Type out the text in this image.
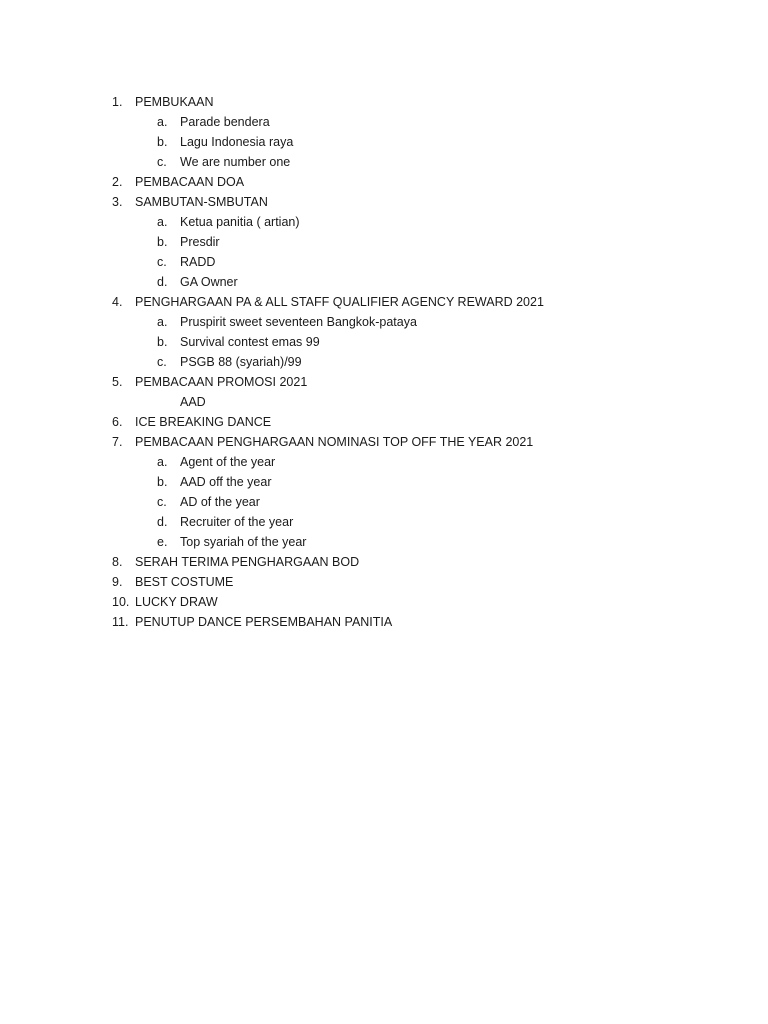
1. PEMBUKAAN
a. Parade bendera
b. Lagu Indonesia raya
c. We are number one
2. PEMBACAAN DOA
3. SAMBUTAN-SMBUTAN
a. Ketua panitia ( artian)
b. Presdir
c. RADD
d. GA Owner
4. PENGHARGAAN PA & ALL STAFF QUALIFIER AGENCY REWARD 2021
a. Pruspirit sweet seventeen Bangkok-pataya
b. Survival contest emas 99
c. PSGB 88 (syariah)/99
5. PEMBACAAN PROMOSI 2021
AAD
6. ICE BREAKING DANCE
7. PEMBACAAN PENGHARGAAN NOMINASI TOP OFF THE YEAR 2021
a. Agent of the year
b. AAD off the year
c. AD of the year
d. Recruiter of the year
e. Top syariah of the year
8. SERAH TERIMA PENGHARGAAN BOD
9. BEST COSTUME
10. LUCKY DRAW
11. PENUTUP DANCE PERSEMBAHAN PANITIA
